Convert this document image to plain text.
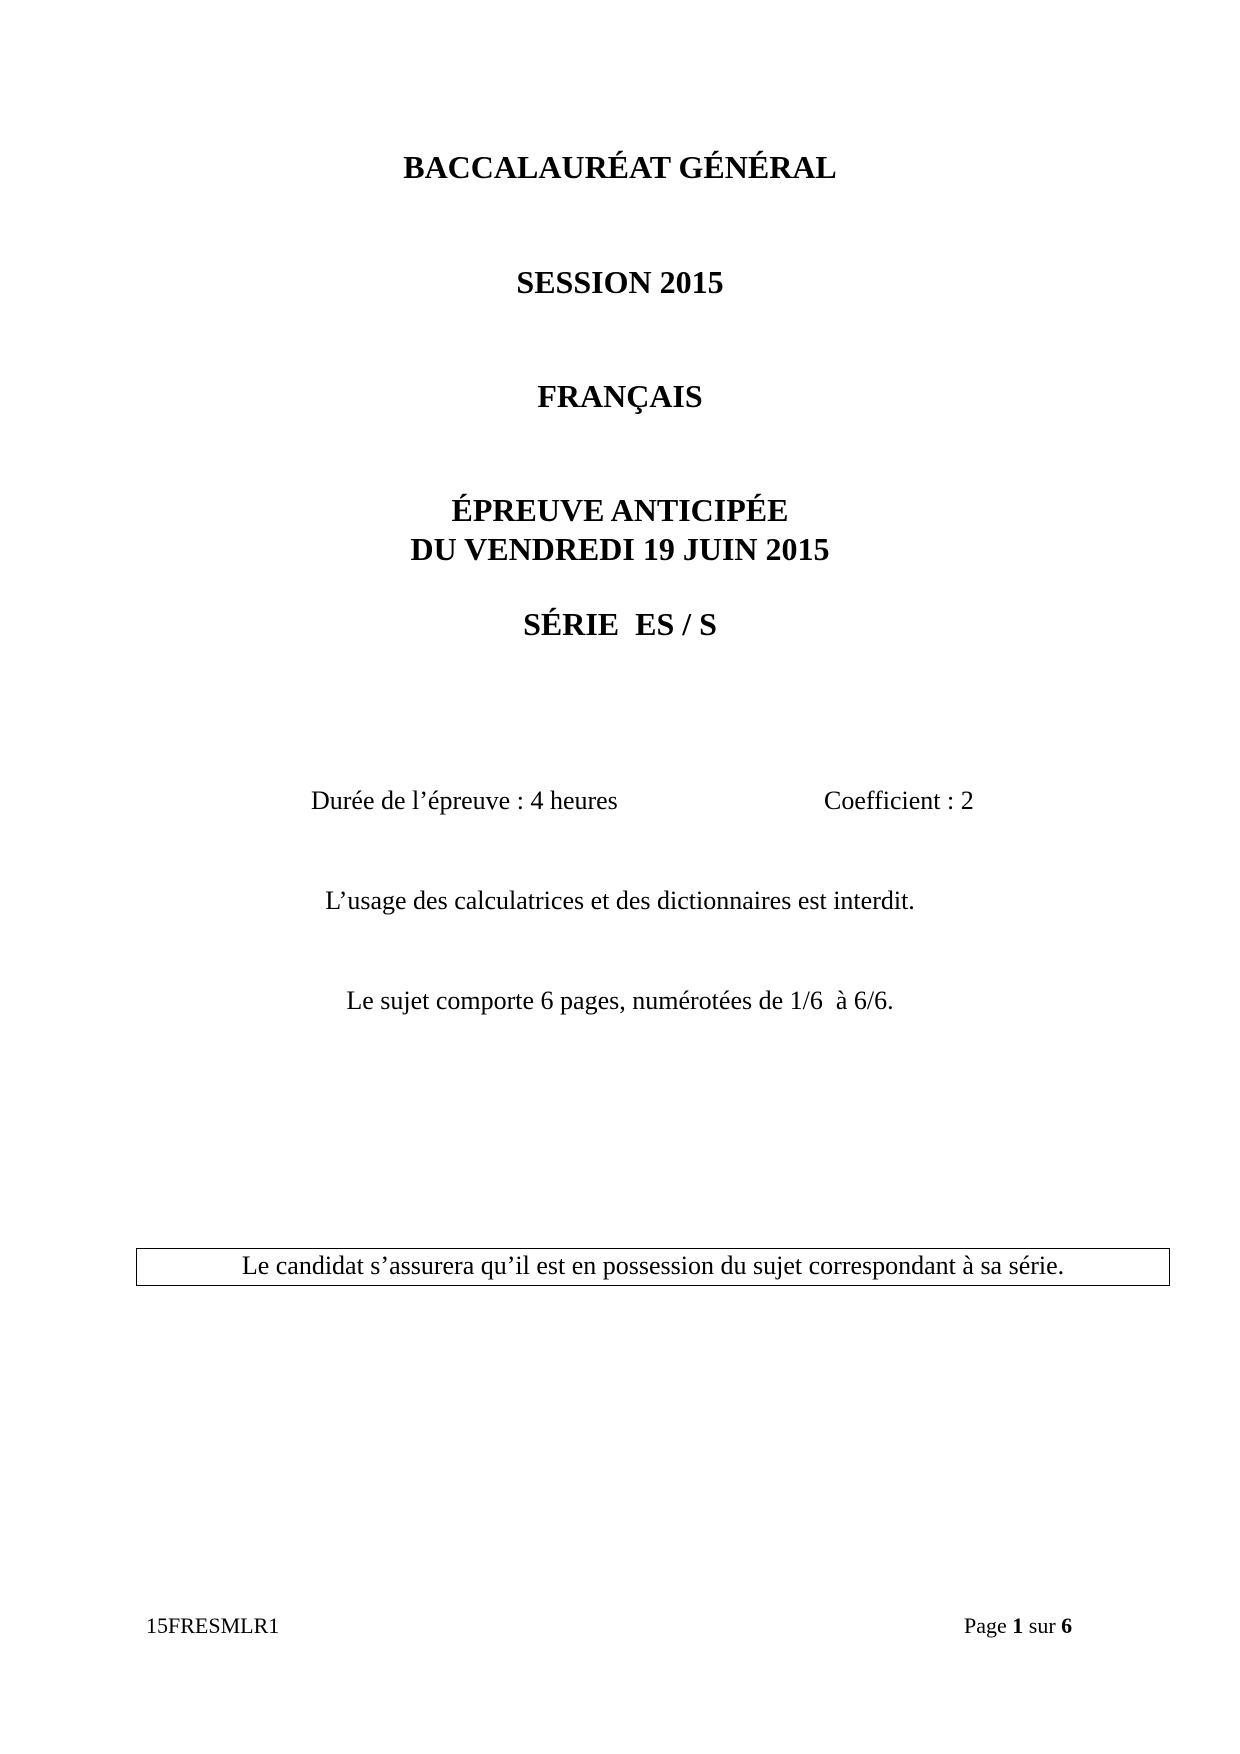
BACCALAURÉAT GÉNÉRAL
SESSION 2015
FRANÇAIS
ÉPREUVE ANTICIPÉE
DU VENDREDI 19 JUIN 2015
SÉRIE  ES / S
Durée de l’épreuve : 4 heures	Coefficient : 2
L’usage des calculatrices et des dictionnaires est interdit.
Le sujet comporte 6 pages, numérotées de 1/6  à 6/6.
Le candidat s’assurera qu’il est en possession du sujet correspondant à sa série.
15FRESMLR1	Page 1 sur 6
